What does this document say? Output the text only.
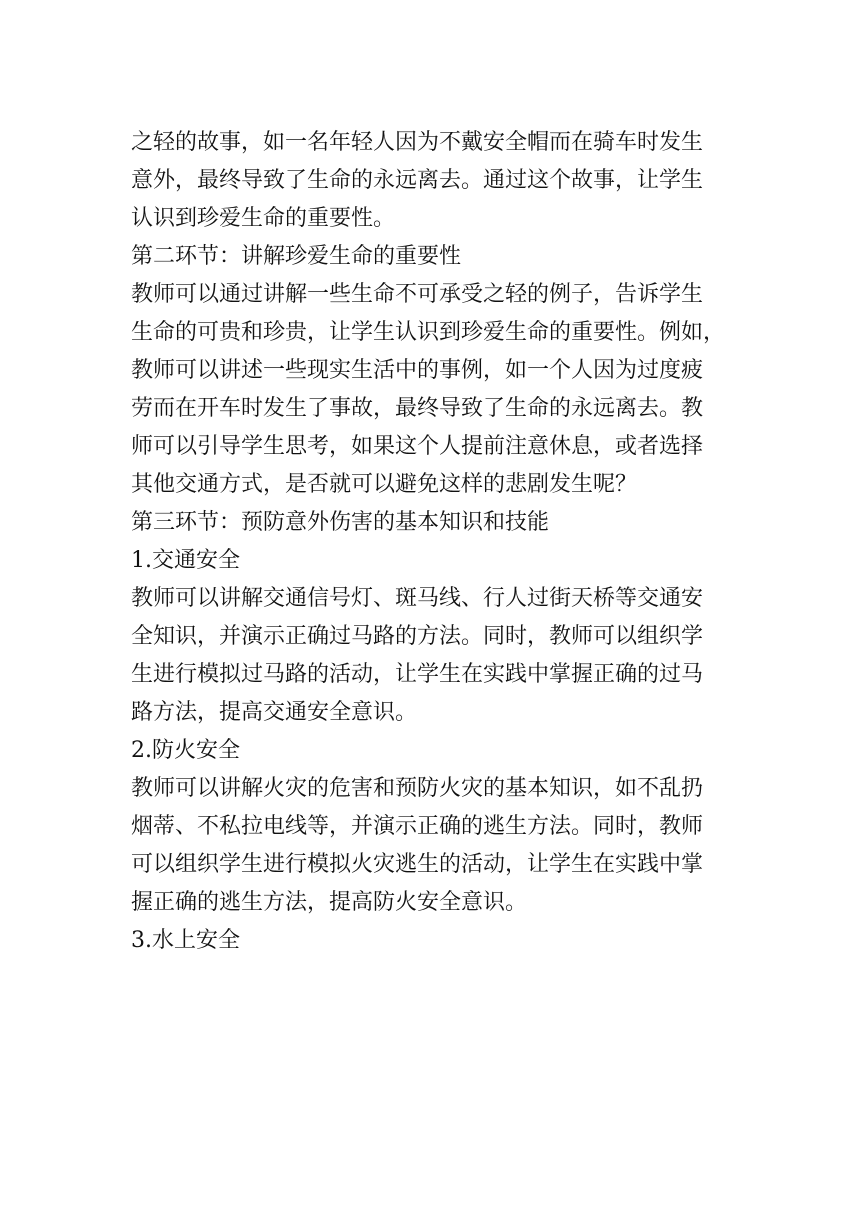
之轻的故事，如一名年轻人因为不戴安全帽而在骑车时发生
意外，最终导致了生命的永远离去。通过这个故事，让学生
认识到珍爱生命的重要性。
第二环节：讲解珍爱生命的重要性
教师可以通过讲解一些生命不可承受之轻的例子，告诉学生
生命的可贵和珍贵，让学生认识到珍爱生命的重要性。例如，
教师可以讲述一些现实生活中的事例，如一个人因为过度疲
劳而在开车时发生了事故，最终导致了生命的永远离去。教
师可以引导学生思考，如果这个人提前注意休息，或者选择
其他交通方式，是否就可以避免这样的悲剧发生呢？
第三环节：预防意外伤害的基本知识和技能
1.交通安全
教师可以讲解交通信号灯、斑马线、行人过街天桥等交通安
全知识，并演示正确过马路的方法。同时，教师可以组织学
生进行模拟过马路的活动，让学生在实践中掌握正确的过马
路方法，提高交通安全意识。
2.防火安全
教师可以讲解火灾的危害和预防火灾的基本知识，如不乱扔
烟蒂、不私拉电线等，并演示正确的逃生方法。同时，教师
可以组织学生进行模拟火灾逃生的活动，让学生在实践中掌
握正确的逃生方法，提高防火安全意识。
3.水上安全
